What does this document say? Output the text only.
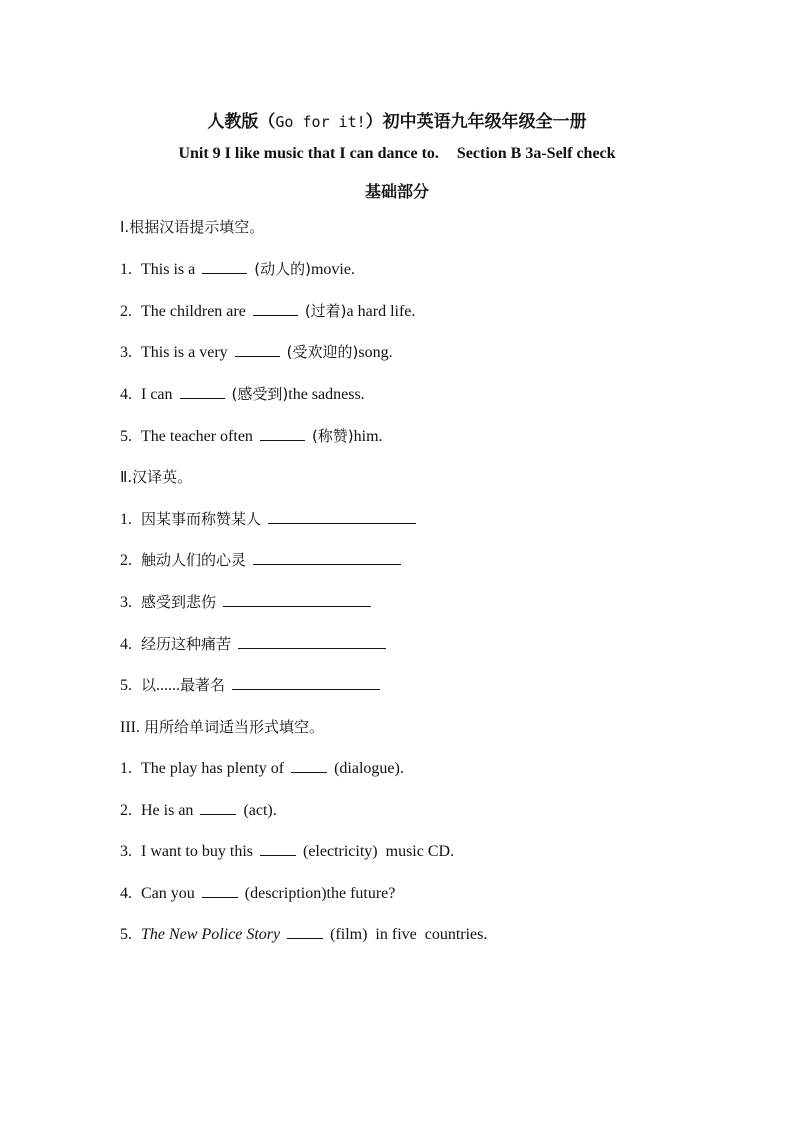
人教版（Go for it!）初中英语九年级年级全一册
Unit 9 I like music that I can dance to. Section B 3a-Self check
基础部分
Ⅰ.根据汉语提示填空。
1. This is a	(动人的)movie.
2. The children are	(过着)a hard life.
3. This is a very	(受欢迎的)song.
4. I can	(感受到)the sadness.
5. The teacher often	(称赞)him.
Ⅱ.汉译英。
1. 因某事而称赞某人
2. 触动人们的心灵
3. 感受到悲伤
4. 经历这种痛苦
5. 以......最著名
III. 用所给单词适当形式填空。
1. The play has plenty of	(dialogue).
2. He is an	(act).
3. I want to buy this	(electricity)  music CD.
4. Can you	(description)the future?
5. The New Police Story	(film)  in five  countries.
